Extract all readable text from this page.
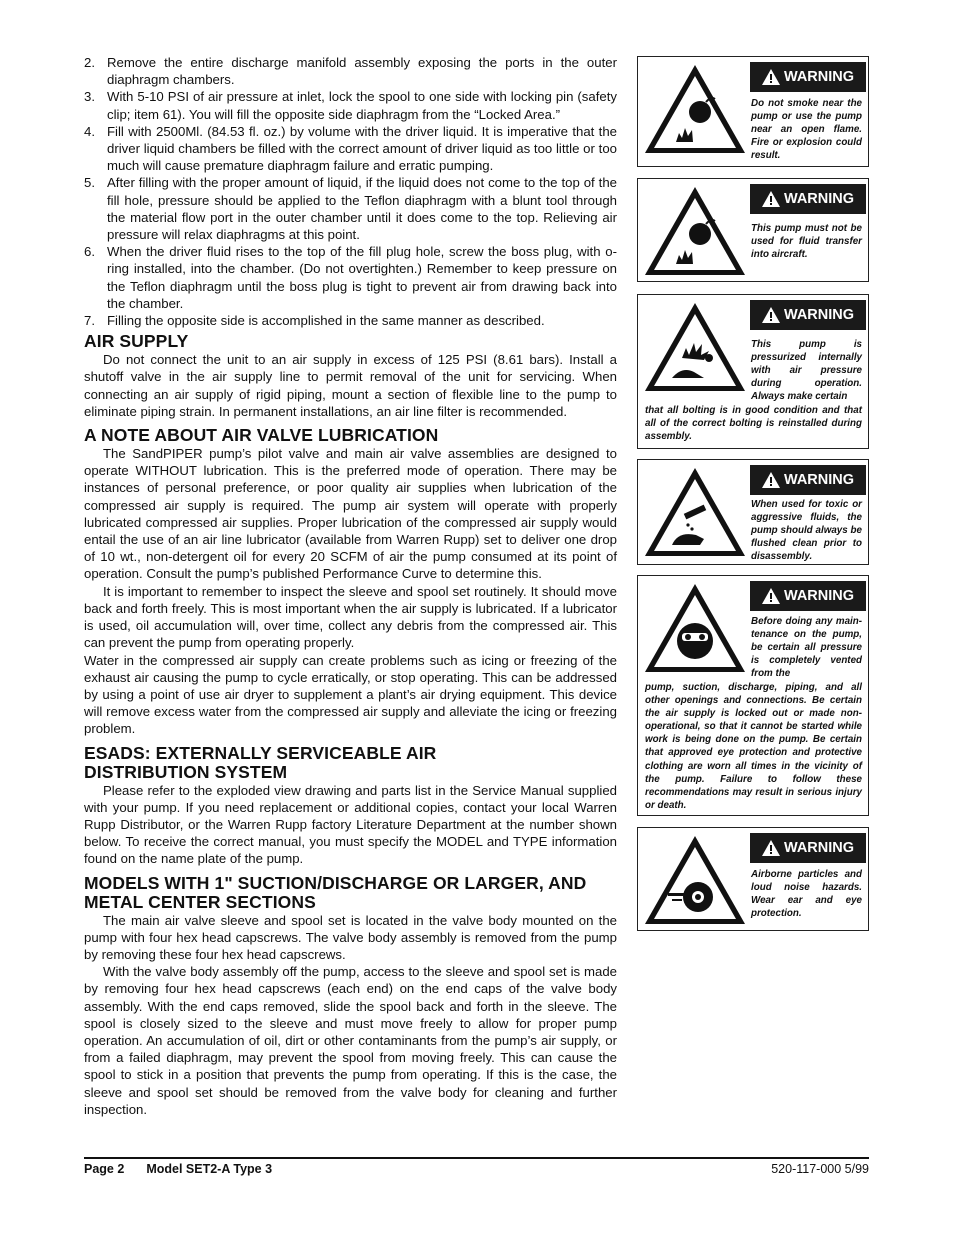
2. Remove the entire discharge manifold assembly exposing the ports in the outer diaphragm chambers.
3. With 5-10 PSI of air pressure at inlet, lock the spool to one side with locking pin (safety clip; item 61). You will fill the opposite side diaphragm from the “Locked Area.”
4. Fill with 2500Ml. (84.53 fl. oz.) by volume with the driver liquid. It is imperative that the driver liquid chambers be filled with the correct amount of driver liquid as too little or too much will cause premature diaphragm failure and erratic pumping.
5. After filling with the proper amount of liquid, if the liquid does not come to the top of the fill hole, pressure should be applied to the Teflon diaphragm with a blunt tool through the material flow port in the outer chamber until it does come to the top. Relieving air pressure will relax diaphragms at this point.
6. When the driver fluid rises to the top of the fill plug hole, screw the boss plug, with o-ring installed, into the chamber. (Do not overtighten.) Remember to keep pressure on the Teflon diaphragm until the boss plug is tight to prevent air from drawing back into the chamber.
7. Filling the opposite side is accomplished in the same manner as described.
AIR SUPPLY

Do not connect the unit to an air supply in excess of 125 PSI (8.61 bars). Install a shutoff valve in the air supply line to permit removal of the unit for servicing. When connecting an air supply of rigid piping, mount a section of flexible line to the pump to eliminate piping strain. In permanent installations, an air line filter is recommended.

A NOTE ABOUT AIR VALVE LUBRICATION

The SandPIPER pump’s pilot valve and main air valve assemblies are designed to operate WITHOUT lubrication. This is the preferred mode of operation. There may be instances of personal preference, or poor quality air supplies when lubrication of the compressed air supply is required. The pump air system will operate with properly lubricated compressed air supplies. Proper lubrication of the compressed air supply would entail the use of an air line lubricator (available from Warren Rupp) set to deliver one drop of 10 wt., non-detergent oil for every 20 SCFM of air the pump consumed at its point of operation. Consult the pump’s published Performance Curve to determine this.

It is important to remember to inspect the sleeve and spool set routinely. It should move back and forth freely. This is most important when the air supply is lubricated. If a lubricator is used, oil accumulation will, over time, collect any debris from the compressed air. This can prevent the pump from operating properly.

Water in the compressed air supply can create problems such as icing or freezing of the exhaust air causing the pump to cycle erratically, or stop operating. This can be addressed by using a point of use air dryer to supplement a plant’s air drying equipment. This device will remove excess water from the compressed air supply and alleviate the icing or freezing problem.

ESADS: EXTERNALLY SERVICEABLE AIR
DISTRIBUTION SYSTEM

Please refer to the exploded view drawing and parts list in the Service Manual supplied with your pump. If you need replacement or additional copies, contact your local Warren Rupp Distributor, or the Warren Rupp factory Literature Department at the number shown below. To receive the correct manual, you must specify the MODEL and TYPE information found on the name plate of the pump.

MODELS WITH 1" SUCTION/DISCHARGE OR LARGER, AND
METAL CENTER SECTIONS

The main air valve sleeve and spool set is located in the valve body mounted on the pump with four hex head capscrews. The valve body assembly is removed from the pump by removing these four hex head capscrews.

With the valve body assembly off the pump, access to the sleeve and spool set is made by removing four hex head capscrews (each end) on the end caps of the valve body assembly. With the end caps removed, slide the spool back and forth in the sleeve. The spool is closely sized to the sleeve and must move freely to allow for proper pump operation. An accumulation of oil, dirt or other contaminants from the pump’s air supply, or from a failed diaphragm, may prevent the spool from moving freely. This can cause the spool to stick in a position that prevents the pump from operating. If this is the case, the sleeve and spool set should be removed from the valve body for cleaning and further inspection.

WARNING
Do not smoke near the pump or use the pump near an open flame. Fire or explosion could result.
WARNING
This pump must not be used for fluid transfer into aircraft.
WARNING
This pump is pressurized internally with air pressure during operation. Always make certain
that all bolting is in good condition and that all of the correct bolting is reinstalled during assembly.
WARNING
When used for toxic or aggressive fluids, the pump should always be flushed clean prior to disassembly.
WARNING
Before doing any main-tenance on the pump, be certain all pressure is completely vented from the
pump, suction, discharge, piping, and all other openings and connections. Be certain the air supply is locked out or made non-operational, so that it cannot be started while work is being done on the pump. Be certain that approved eye protection and protective clothing are worn all times in the vicinity of the pump. Failure to follow these recommendations may result in serious injury or death.
WARNING
Airborne particles and loud noise hazards. Wear ear and eye protection.
Page 2 Model SET2-A Type 3	520-117-000 5/99
